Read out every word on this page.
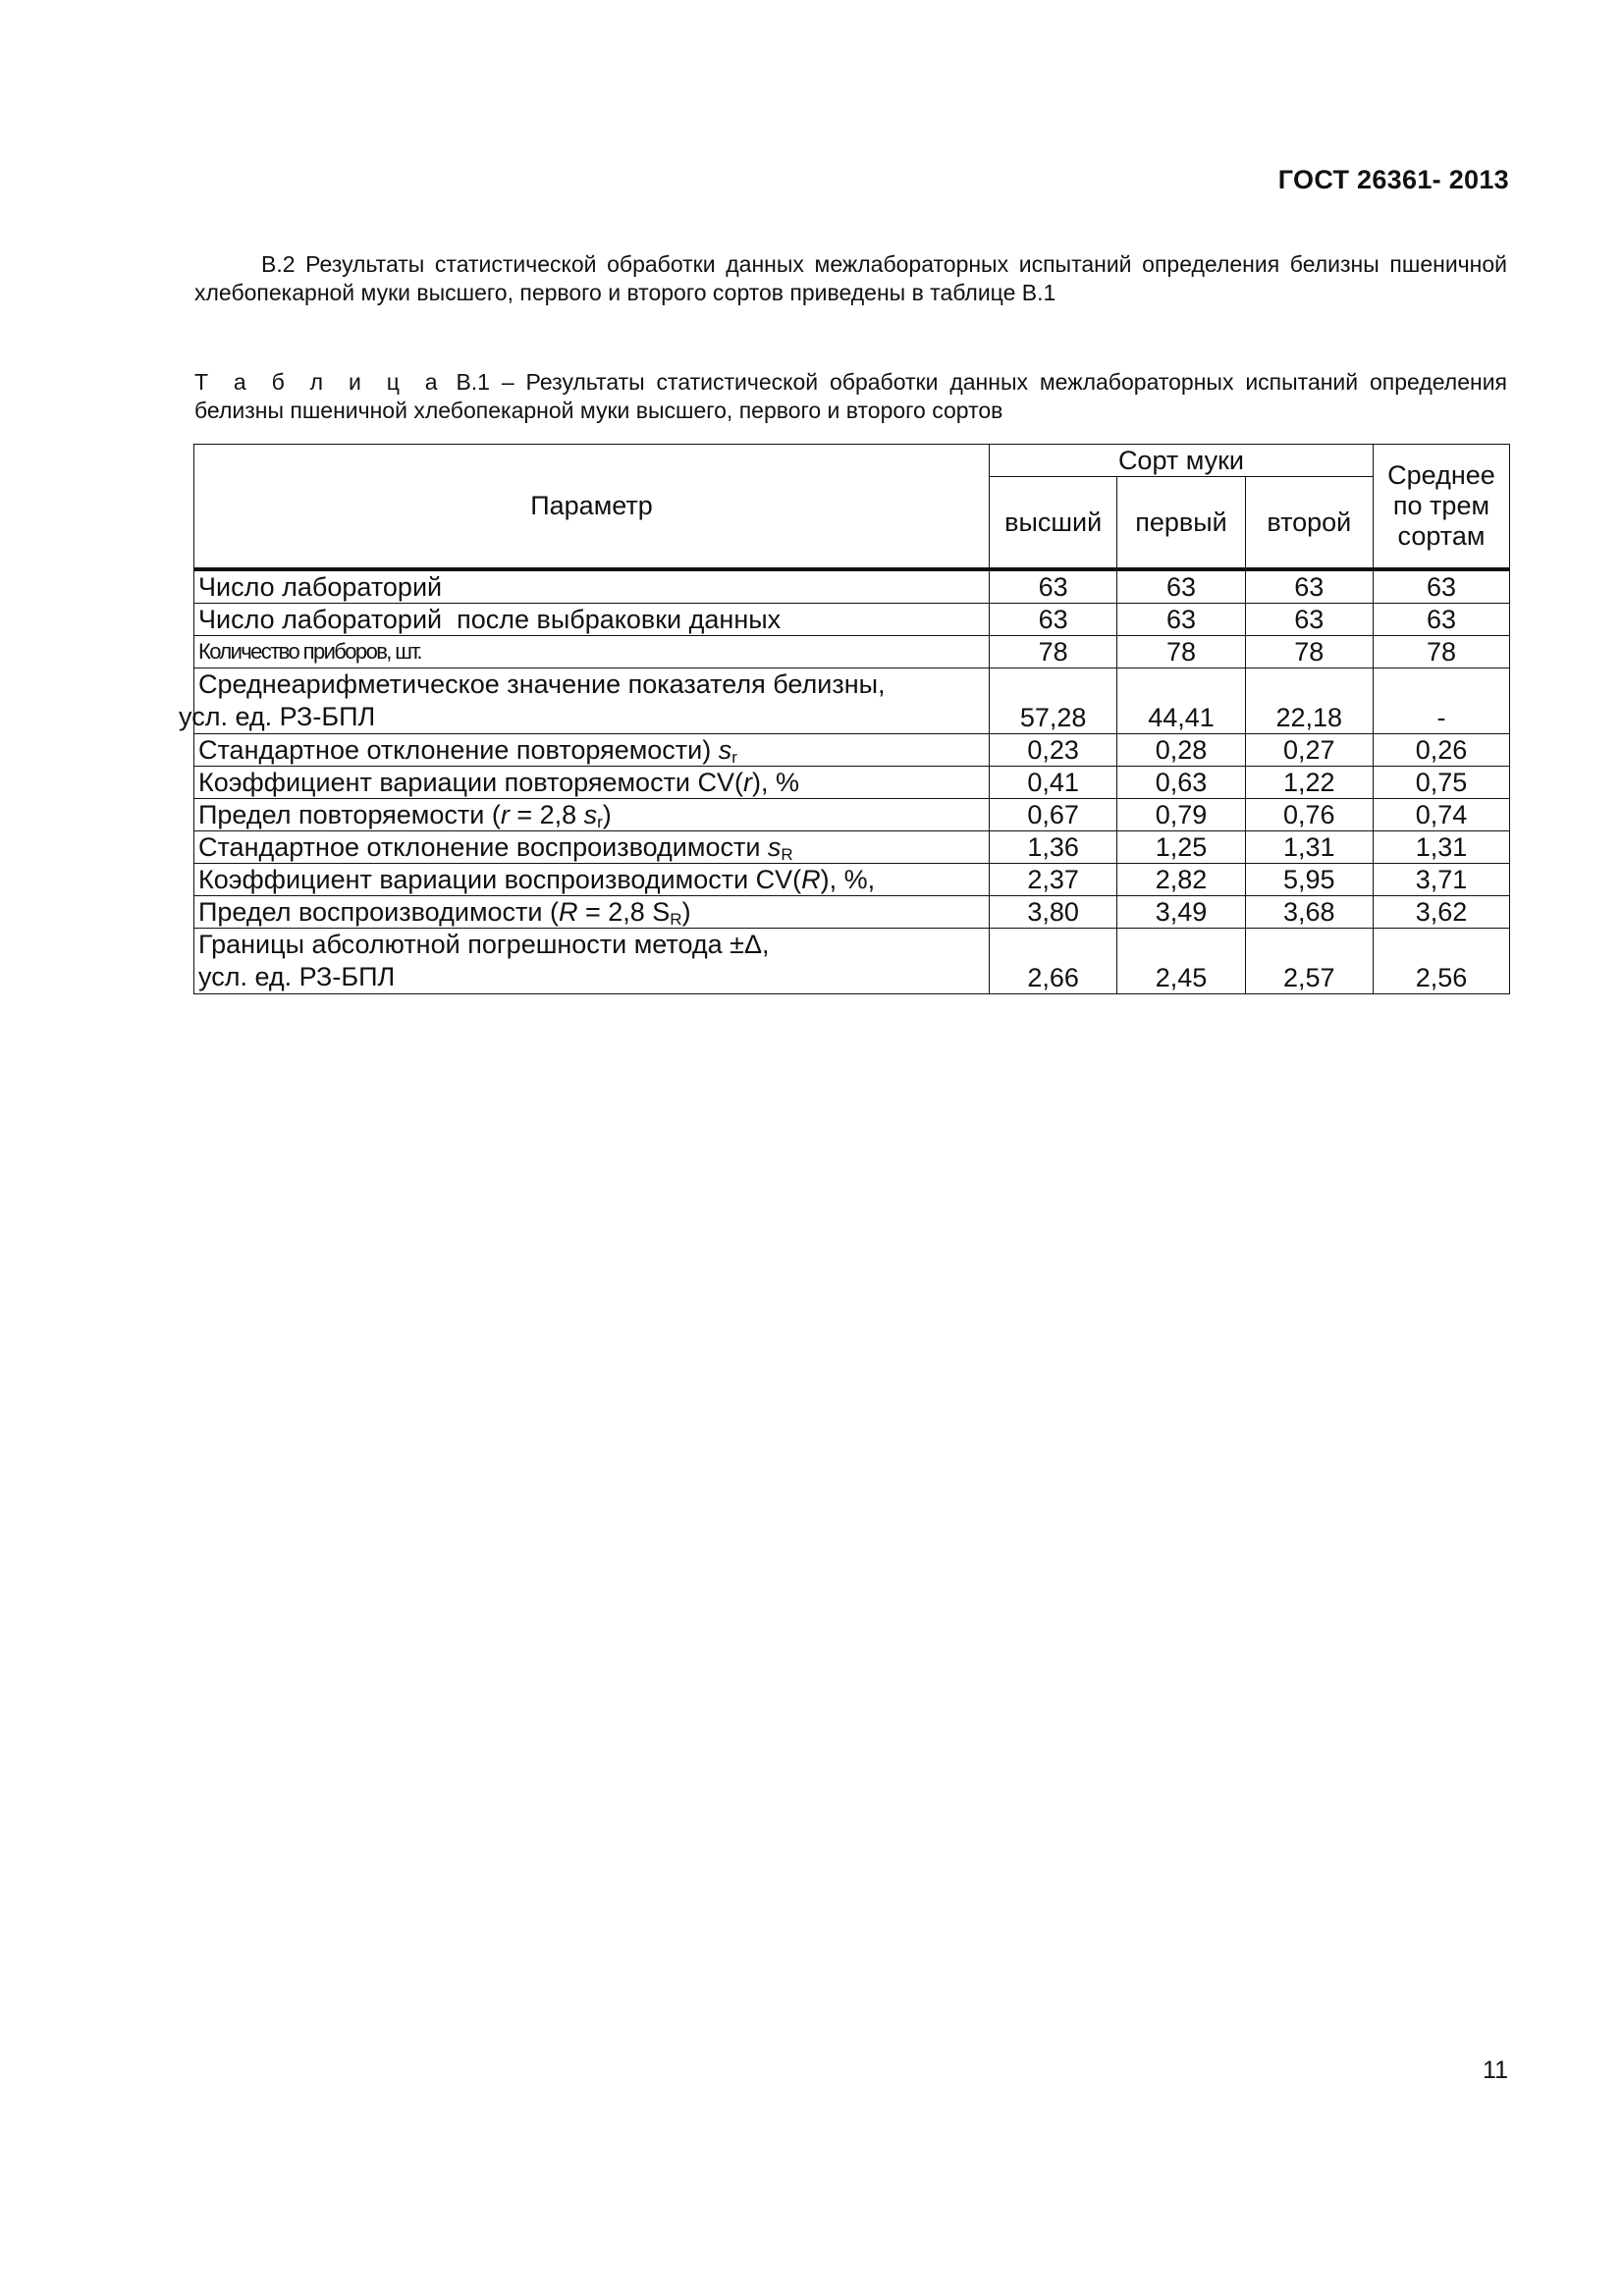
ГОСТ 26361- 2013
В.2 Результаты статистической обработки данных межлабораторных испытаний определения белизны пшеничной хлебопекарной муки высшего, первого и второго сортов приведены в таблице В.1
Т а б л и ц а В.1 – Результаты статистической обработки данных межлабораторных испытаний определения белизны пшеничной хлебопекарной муки высшего, первого и второго сортов
Параметр	Сорт муки			Среднее по трем сортам
	высший	первый	второй	
Число лабораторий	63	63	63	63
Число лабораторий  после выбраковки данных	63	63	63	63
Количество приборов, шт.	78	78	78	78

Среднеарифметическое значение показателя белизны,
усл. ед. РЗ-БПЛ	57,28	44,41	22,18	-
Стандартное отклонение повторяемости) $s_r$	0,23	0,28	0,27	0,26
Коэффициент вариации повторяемости CV(r), %	0,41	0,63	1,22	0,75
Предел повторяемости (r = 2,8 $s_r$)	0,67	0,79	0,76	0,74
Стандартное отклонение воспроизводимости $s_R$	1,36	1,25	1,31	1,31
Коэффициент вариации воспроизводимости CV(R), %,	2,37	2,82	5,95	3,71
Предел воспроизводимости (R = 2,8 $S_R$)	3,80	3,49	3,68	3,62

Границы абсолютной погрешности метода ±Δ,
усл. ед. РЗ-БПЛ	2,66	2,45	2,57	2,56
11
